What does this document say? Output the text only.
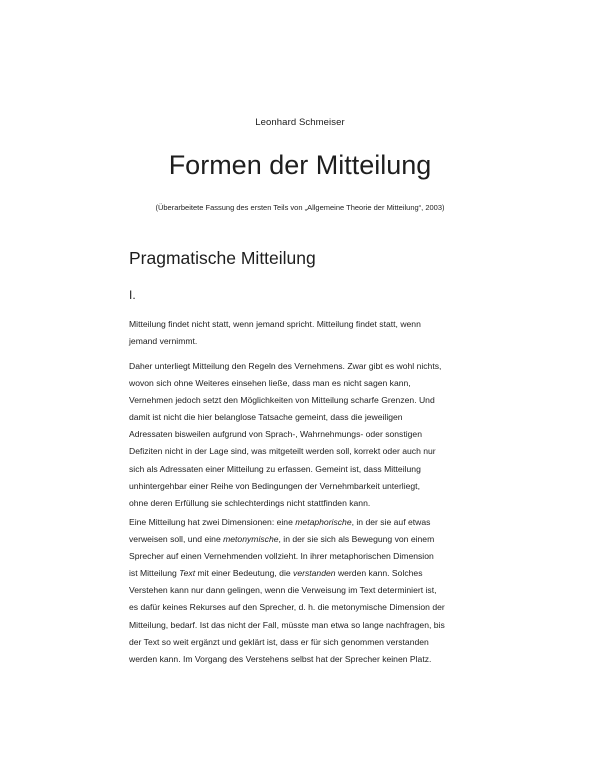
Leonhard Schmeiser
Formen der Mitteilung
(Überarbeitete Fassung des ersten Teils von „Allgemeine Theorie der Mitteilung“, 2003)
Pragmatische Mitteilung
I.

Mitteilung findet nicht statt, wenn jemand spricht. Mitteilung findet statt, wenn
jemand vernimmt.

Daher unterliegt Mitteilung den Regeln des Vernehmens. Zwar gibt es wohl nichts,
wovon sich ohne Weiteres einsehen ließe, dass man es nicht sagen kann,
Vernehmen jedoch setzt den Möglichkeiten von Mitteilung scharfe Grenzen. Und
damit ist nicht die hier belanglose Tatsache gemeint, dass die jeweiligen
Adressaten bisweilen aufgrund von Sprach-, Wahrnehmungs- oder sonstigen
Defiziten nicht in der Lage sind, was mitgeteilt werden soll, korrekt oder auch nur
sich als Adressaten einer Mitteilung zu erfassen. Gemeint ist, dass Mitteilung
unhintergehbar einer Reihe von Bedingungen der Vernehmbarkeit unterliegt,
ohne deren Erfüllung sie schlechterdings nicht stattfinden kann.

Eine Mitteilung hat zwei Dimensionen: eine metaphorische, in der sie auf etwas
verweisen soll, und eine metonymische, in der sie sich als Bewegung von einem
Sprecher auf einen Vernehmenden vollzieht. In ihrer metaphorischen Dimension
ist Mitteilung Text mit einer Bedeutung, die verstanden werden kann. Solches
Verstehen kann nur dann gelingen, wenn die Verweisung im Text determiniert ist,
es dafür keines Rekurses auf den Sprecher, d. h. die metonymische Dimension der
Mitteilung, bedarf. Ist das nicht der Fall, müsste man etwa so lange nachfragen, bis
der Text so weit ergänzt und geklärt ist, dass er für sich genommen verstanden
werden kann. Im Vorgang des Verstehens selbst hat der Sprecher keinen Platz.
